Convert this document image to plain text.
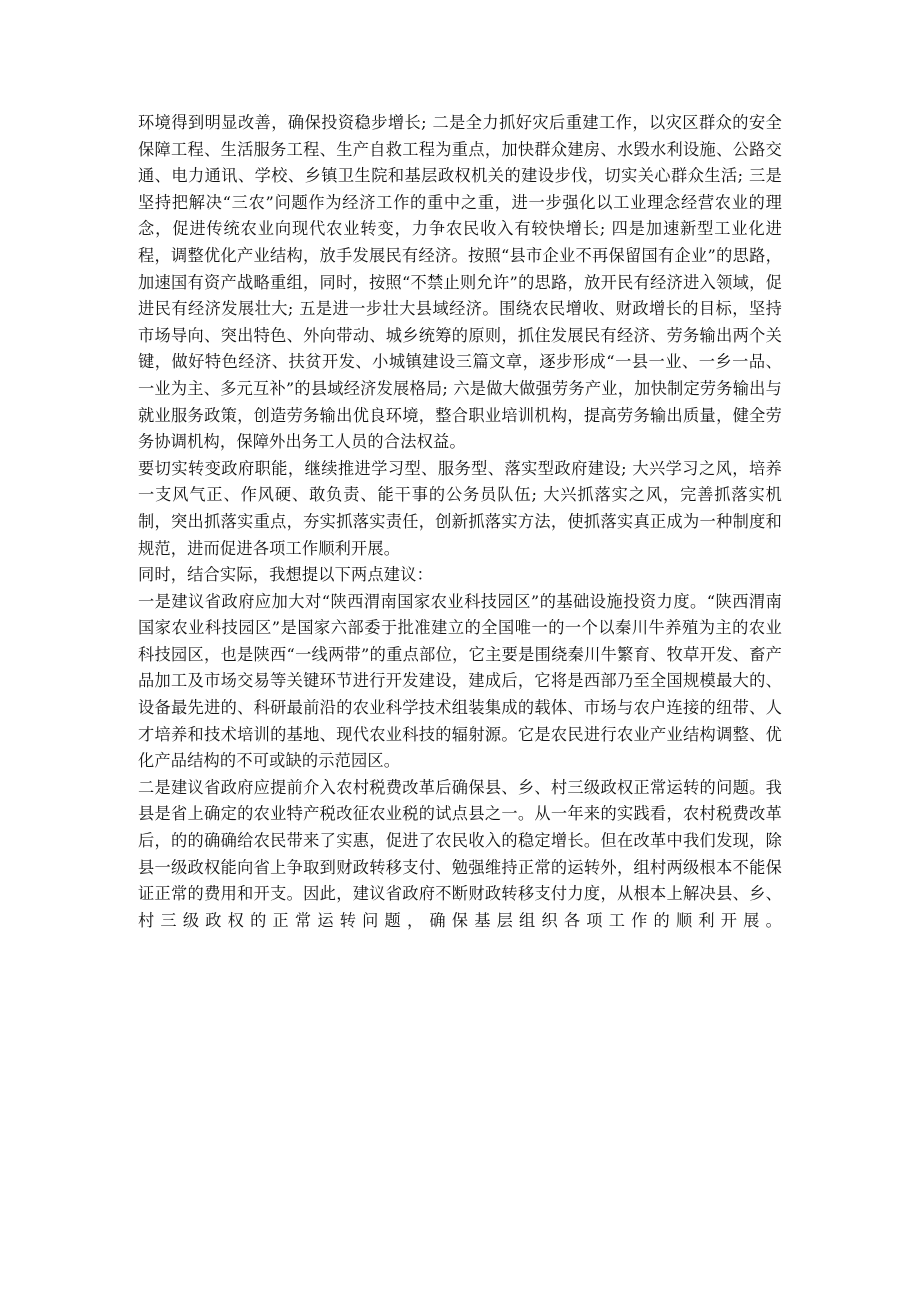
环境得到明显改善，确保投资稳步增长; 二是全力抓好灾后重建工作，以灾区群众的安全保障工程、生活服务工程、生产自救工程为重点，加快群众建房、水毁水利设施、公路交通、电力通讯、学校、乡镇卫生院和基层政权机关的建设步伐，切实关心群众生活; 三是坚持把解决“三农”问题作为经济工作的重中之重，进一步强化以工业理念经营农业的理念，促进传统农业向现代农业转变，力争农民收入有较快增长; 四是加速新型工业化进程，调整优化产业结构，放手发展民有经济。按照“县市企业不再保留国有企业”的思路，加速国有资产战略重组，同时，按照“不禁止则允许”的思路，放开民有经济进入领域，促进民有经济发展壮大; 五是进一步壮大县域经济。围绕农民增收、财政增长的目标，坚持市场导向、突出特色、外向带动、城乡统筹的原则，抓住发展民有经济、劳务输出两个关键，做好特色经济、扶贫开发、小城镇建设三篇文章，逐步形成“一县一业、一乡一品、一业为主、多元互补”的县域经济发展格局; 六是做大做强劳务产业，加快制定劳务输出与就业服务政策，创造劳务输出优良环境，整合职业培训机构，提高劳务输出质量，健全劳务协调机构，保障外出务工人员的合法权益。

要切实转变政府职能，继续推进学习型、服务型、落实型政府建设; 大兴学习之风，培养一支风气正、作风硬、敢负责、能干事的公务员队伍; 大兴抓落实之风，完善抓落实机制，突出抓落实重点，夯实抓落实责任，创新抓落实方法，使抓落实真正成为一种制度和规范，进而促进各项工作顺利开展。

同时，结合实际，我想提以下两点建议：

一是建议省政府应加大对“陕西渭南国家农业科技园区”的基础设施投资力度。“陕西渭南国家农业科技园区”是国家六部委于批准建立的全国唯一的一个以秦川牛养殖为主的农业科技园区，也是陕西“一线两带”的重点部位，它主要是围绕秦川牛繁育、牧草开发、畜产品加工及市场交易等关键环节进行开发建设，建成后，它将是西部乃至全国规模最大的、设备最先进的、科研最前沿的农业科学技术组装集成的载体、市场与农户连接的纽带、人才培养和技术培训的基地、现代农业科技的辐射源。它是农民进行农业产业结构调整、优化产品结构的不可或缺的示范园区。

二是建议省政府应提前介入农村税费改革后确保县、乡、村三级政权正常运转的问题。我县是省上确定的农业特产税改征农业税的试点县之一。从一年来的实践看，农村税费改革后，的的确确给农民带来了实惠，促进了农民收入的稳定增长。但在改革中我们发现，除县一级政权能向省上争取到财政转移支付、勉强维持正常的运转外，组村两级根本不能保证正常的费用和开支。因此，建议省政府不断财政转移支付力度，从根本上解决县、乡、村三级政权的正常运转问题，确保基层组织各项工作的顺利开展。
